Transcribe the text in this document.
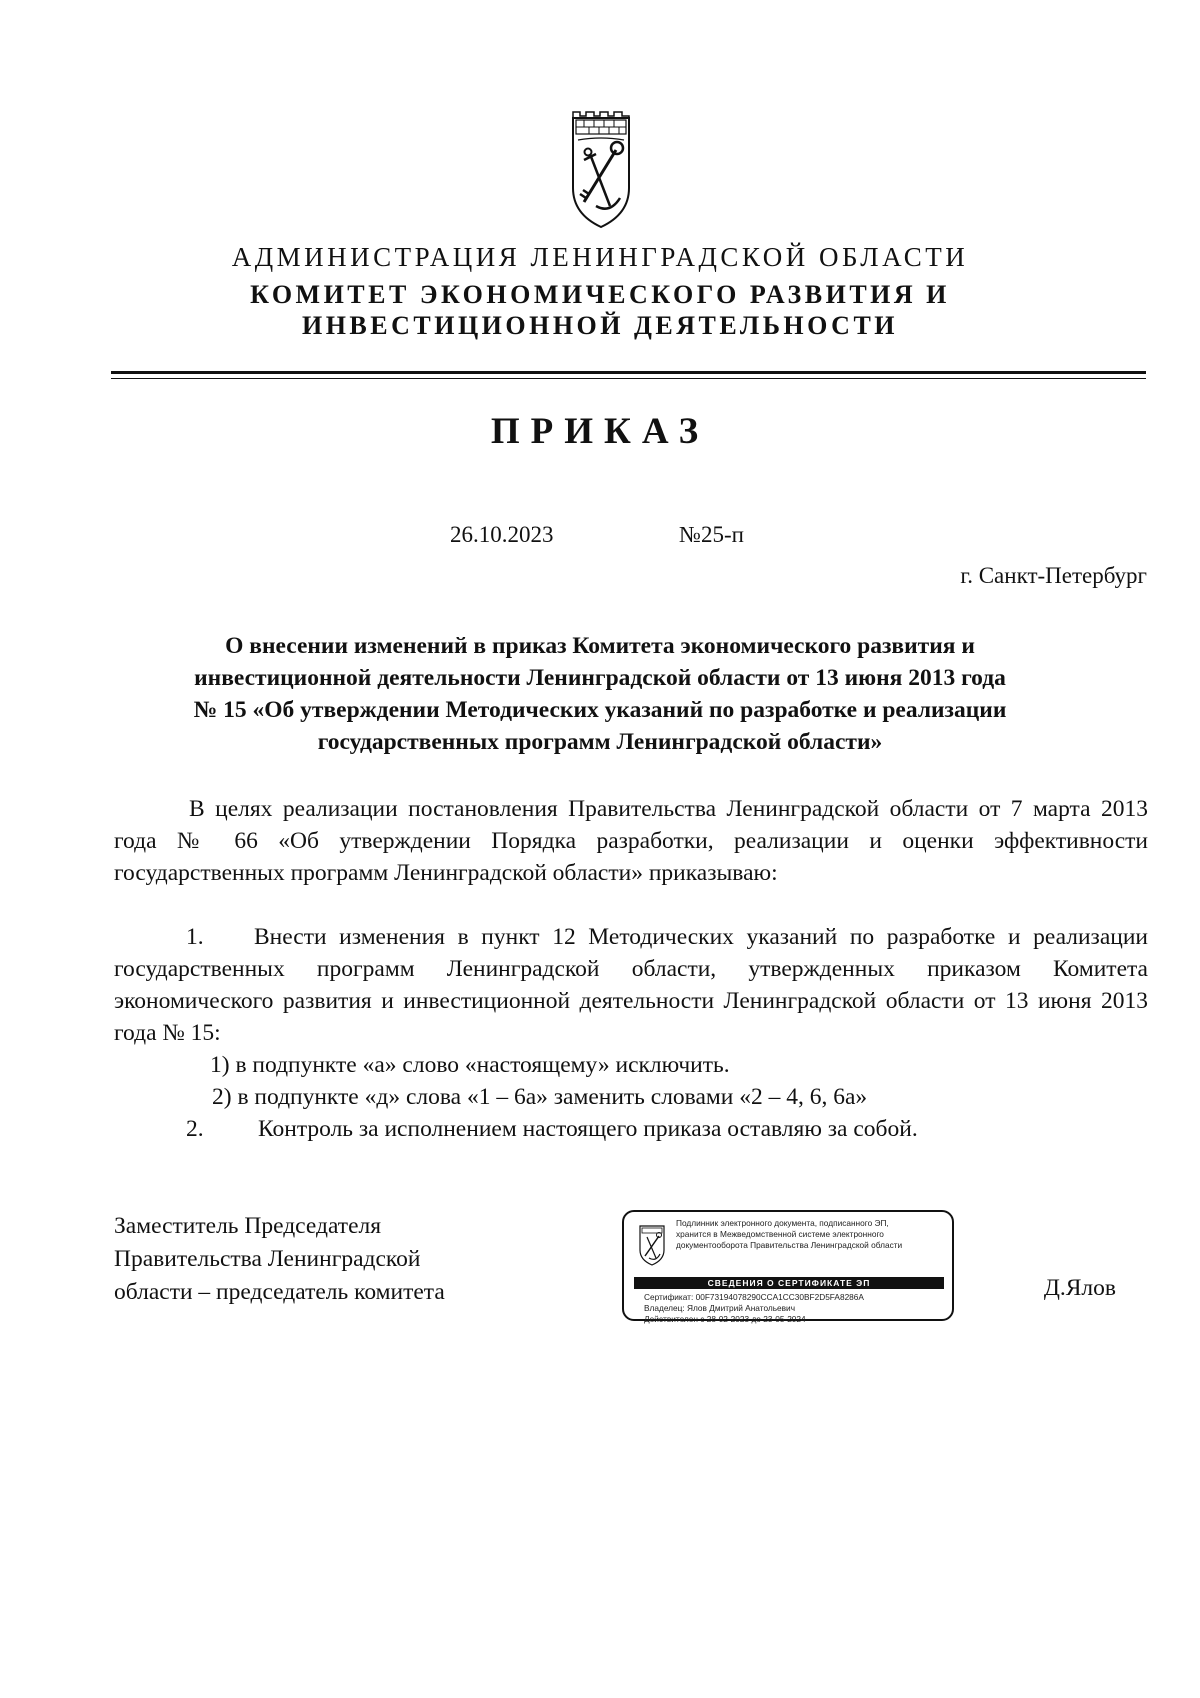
АДМИНИСТРАЦИЯ ЛЕНИНГРАДСКОЙ ОБЛАСТИ
КОМИТЕТ ЭКОНОМИЧЕСКОГО РАЗВИТИЯ И
ИНВЕСТИЦИОННОЙ ДЕЯТЕЛЬНОСТИ
ПРИКАЗ
26.10.2023	№25-п
г. Санкт-Петербург
О внесении изменений в приказ Комитета экономического развития и
инвестиционной деятельности Ленинградской области от 13 июня 2013 года
№ 15 «Об утверждении Методических указаний по разработке и реализации
государственных программ Ленинградской области»
В целях реализации постановления Правительства Ленинградской области от 7 марта 2013 года № 66 «Об утверждении Порядка разработки, реализации и оценки эффективности государственных программ Ленинградской области» приказываю:
1. Внести изменения в пункт 12 Методических указаний по разработке и реализации государственных программ Ленинградской области, утвержденных приказом Комитета экономического развития и инвестиционной деятельности Ленинградской области от 13 июня 2013 года № 15:
1) в подпункте «а» слово «настоящему» исключить.
2) в подпункте «д» слова «1 – 6а» заменить словами «2 – 4, 6, 6а»
2. Контроль за исполнением настоящего приказа оставляю за собой.
Заместитель Председателя
Правительства Ленинградской
области – председатель комитета
Подлинник электронного документа, подписанного ЭП,
хранится в Межведомственной системе электронного
документооборота Правительства Ленинградской области
СВЕДЕНИЯ О СЕРТИФИКАТЕ ЭП
Сертификат: 00F73194078290CCA1CC30BF2D5FA8286A
Владелец: Ялов Дмитрий Анатольевич
Действителен с 28-02-2023 до 23-05-2024
Д.Ялов
